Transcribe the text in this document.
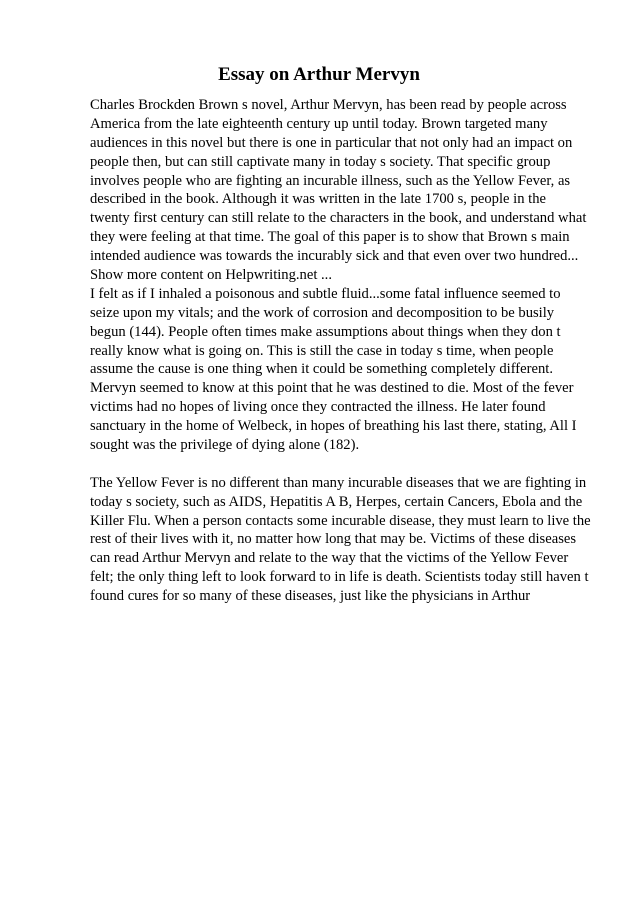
Essay on Arthur Mervyn
Charles Brockden Brown s novel, Arthur Mervyn, has been read by people across
America from the late eighteenth century up until today. Brown targeted many
audiences in this novel but there is one in particular that not only had an impact on
people then, but can still captivate many in today s society. That specific group
involves people who are fighting an incurable illness, such as the Yellow Fever, as
described in the book. Although it was written in the late 1700 s, people in the
twenty first century can still relate to the characters in the book, and understand what
they were feeling at that time. The goal of this paper is to show that Brown s main
intended audience was towards the incurably sick and that even over two hundred...
Show more content on Helpwriting.net ...
I felt as if I inhaled a poisonous and subtle fluid...some fatal influence seemed to
seize upon my vitals; and the work of corrosion and decomposition to be busily
begun (144). People often times make assumptions about things when they don t
really know what is going on. This is still the case in today s time, when people
assume the cause is one thing when it could be something completely different.
Mervyn seemed to know at this point that he was destined to die. Most of the fever
victims had no hopes of living once they contracted the illness. He later found
sanctuary in the home of Welbeck, in hopes of breathing his last there, stating, All I
sought was the privilege of dying alone (182).
The Yellow Fever is no different than many incurable diseases that we are fighting in
today s society, such as AIDS, Hepatitis A B, Herpes, certain Cancers, Ebola and the
Killer Flu. When a person contacts some incurable disease, they must learn to live the
rest of their lives with it, no matter how long that may be. Victims of these diseases
can read Arthur Mervyn and relate to the way that the victims of the Yellow Fever
felt; the only thing left to look forward to in life is death. Scientists today still haven t
found cures for so many of these diseases, just like the physicians in Arthur
